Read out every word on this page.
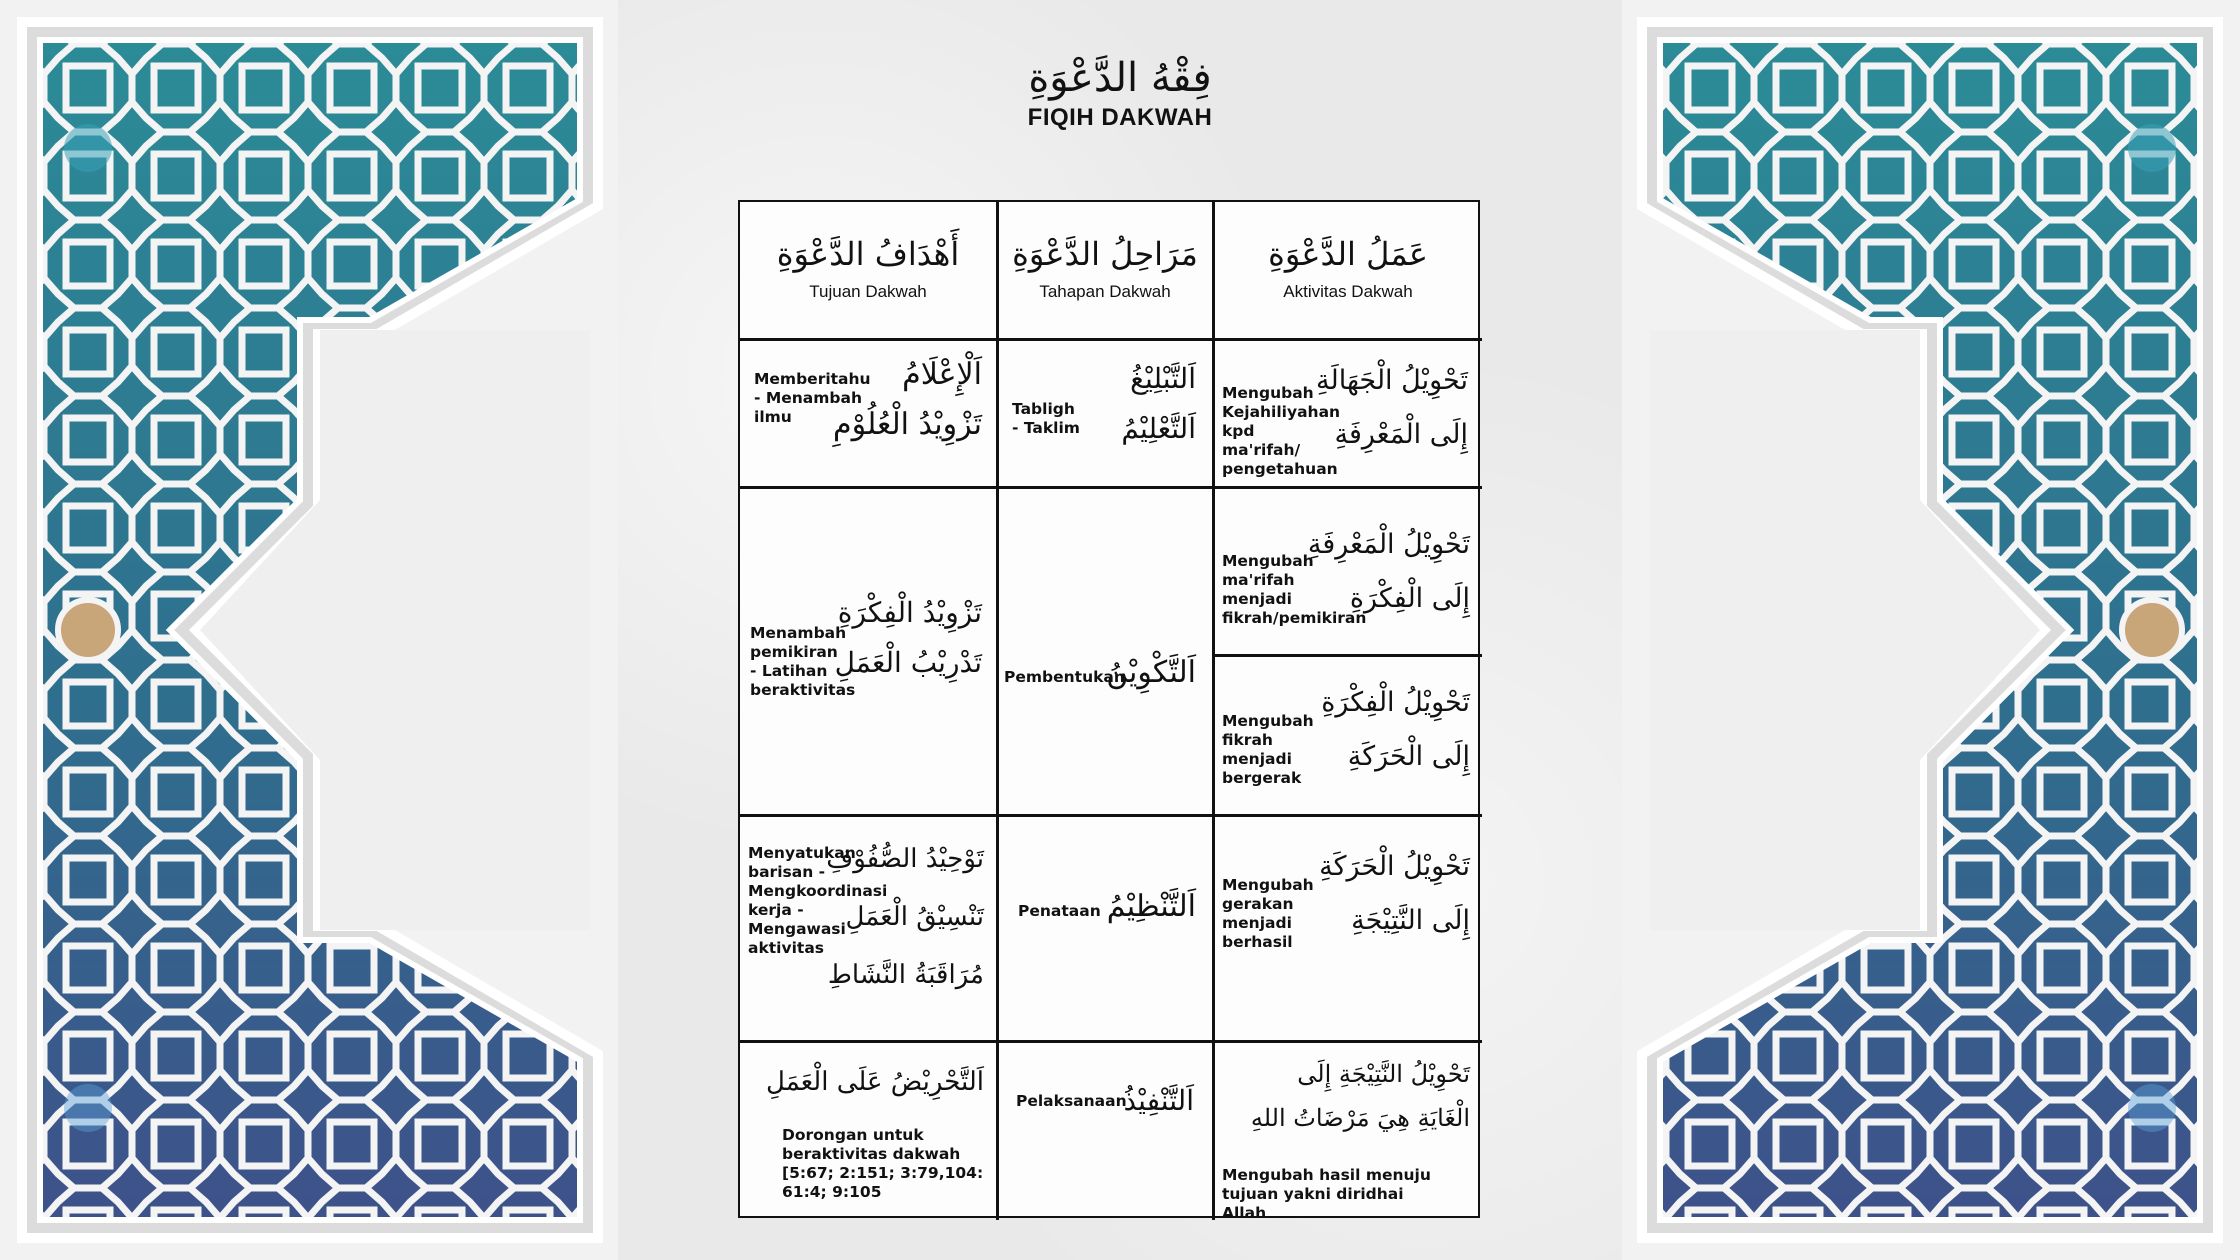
فِقْهُ الدَّعْوَةِ
FIQIH DAKWAH
أَهْدَافُ الدَّعْوَةِ
Tujuan Dakwah
مَرَاحِلُ الدَّعْوَةِ
Tahapan Dakwah
عَمَلُ الدَّعْوَةِ
Aktivitas Dakwah
Memberitahu - Menambah ilmu
اَلْإِعْلَامُ
تَزْوِيْدُ الْعُلُوْمِ
Menambah pemikiran - Latihan beraktivitas
تَزْوِيْدُ الْفِكْرَةِ
تَدْرِيْبُ الْعَمَلِ
Menyatukan barisan - Mengkoordinasi kerja - Mengawasi aktivitas
تَوْحِيْدُ الصُّفُوْفِ
تَنْسِيْقُ الْعَمَلِ
مُرَاقَبَةُ النَّشَاطِ
اَلتَّحْرِيْضُ عَلَى الْعَمَلِ
Dorongan untuk beraktivitas dakwah [5:67; 2:151; 3:79,104: 61:4; 9:105
Tabligh - Taklim
اَلتَّبْلِيْغُ
اَلتَّعْلِيْمُ
Pembentukan
اَلتَّكْوِيْنُ
Penataan اَلتَّنْظِيْمُ
Pelaksanaan
اَلتَّنْفِيْذُ
Mengubah Kejahiliyahan kpd ma'rifah/ pengetahuan
تَحْوِيْلُ الْجَهَالَةِ
إِلَى الْمَعْرِفَةِ
Mengubah ma'rifah menjadi fikrah/pemikiran
تَحْوِيْلُ الْمَعْرِفَةِ
إِلَى الْفِكْرَةِ
Mengubah fikrah menjadi bergerak
تَحْوِيْلُ الْفِكْرَةِ
إِلَى الْحَرَكَةِ
Mengubah gerakan menjadi berhasil
تَحْوِيْلُ الْحَرَكَةِ
إِلَى النَّتِيْجَةِ
تَحْوِيْلُ النَّتِيْجَةِ إِلَى
الْغَايَةِ هِيَ مَرْضَاتُ اللهِ
Mengubah hasil menuju tujuan yakni diridhai Allah
